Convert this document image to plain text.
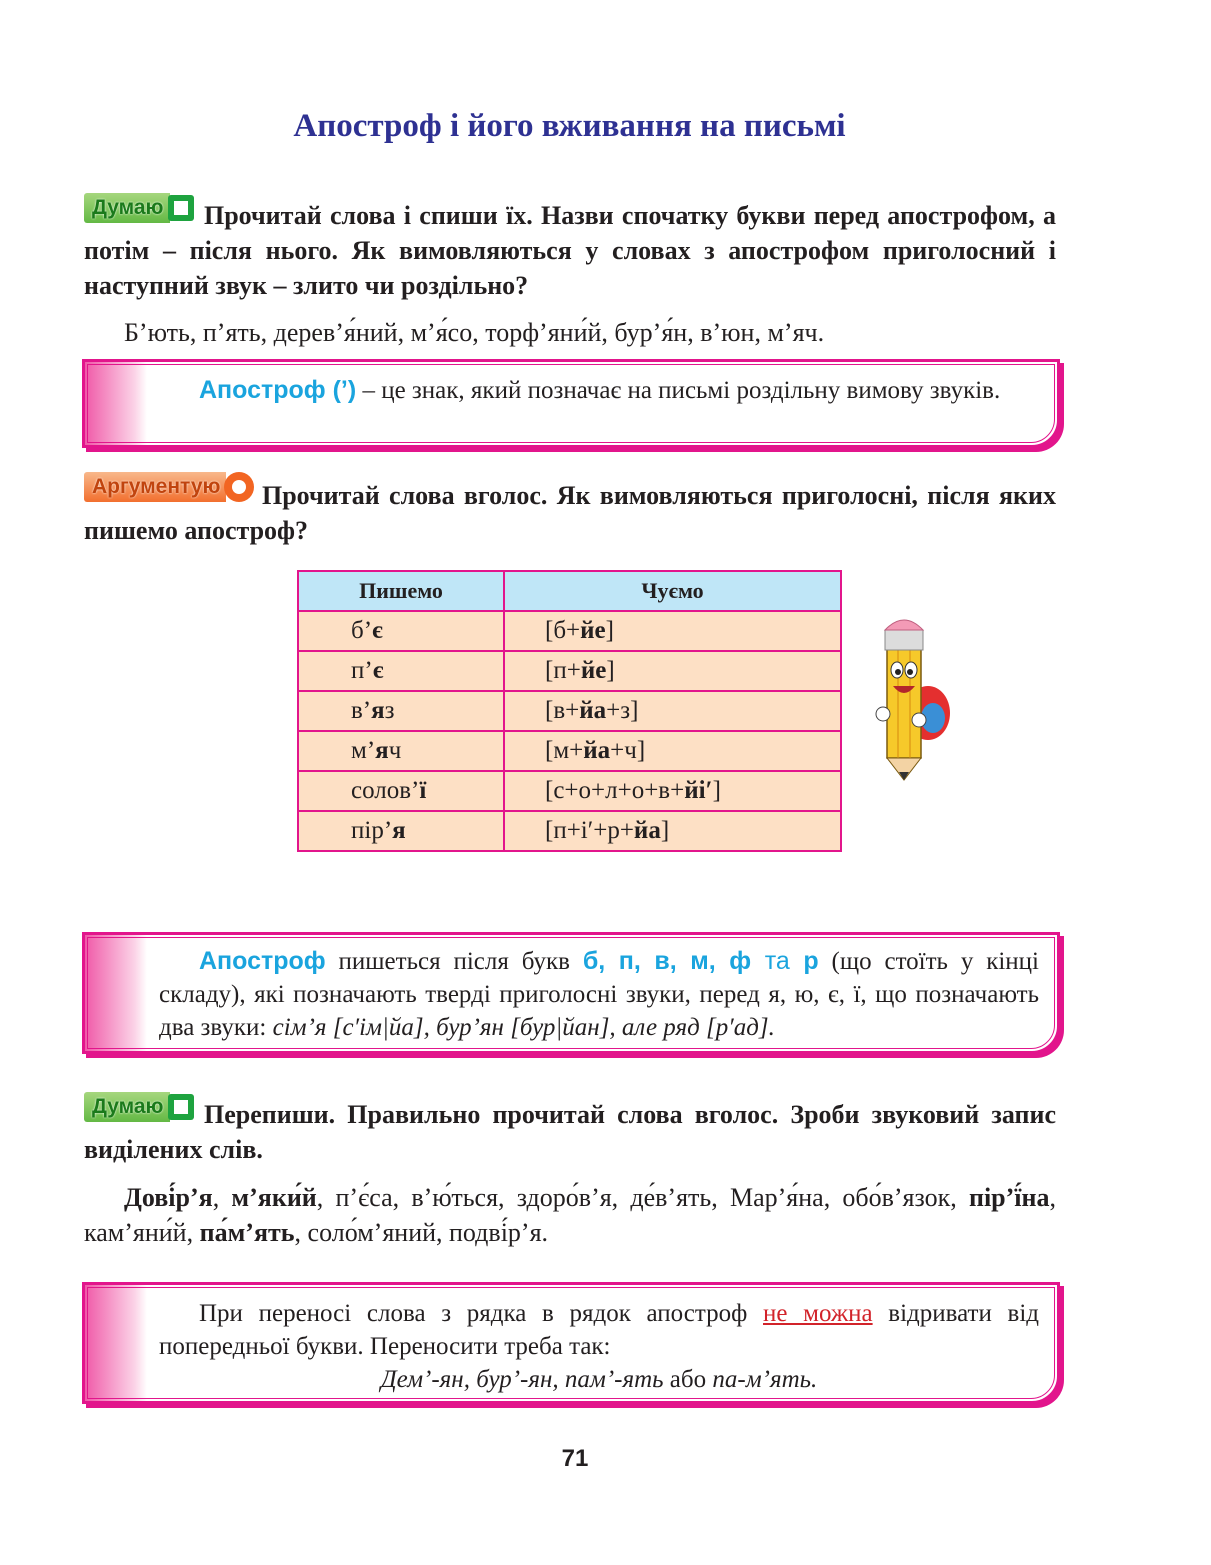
Апостроф і його вживання на письмі
Думаю	Прочитай слова і спиши їх. Назви спочатку букви перед апострофом, а потім – після нього. Як вимовляються у словах з апострофом приголосний і наступний звук – злито чи роздільно?
Б’ють, п’ять, дерев’я́ний, м’я́со, торф’яни́й, бур’я́н, в’юн, м’яч.
Апостроф (’) – це знак, який позначає на письмі роздільну вимову звуків.
Аргументую	Прочитай слова вголос. Як вимовляються приголосні, після яких пишемо апостроф?
Пишемо	Чуємо
б’є	[б+йе]
п’є	[п+йе]
в’яз	[в+йа+з]
м’яч	[м+йа+ч]
солов’ї	[с+о+л+о+в+йі′]
пір’я	[п+і′+р+йа]
Апостроф пишеться після букв б, п, в, м, ф та р (що стоїть у кінці складу), які позначають тверді приголосні звуки, перед я, ю, є, ї, що позначають два звуки: сім’я [с′ім|йа], бур’ян [бур|йан], але ряд [р′ад].
Думаю	Перепиши. Правильно прочитай слова вголос. Зроби звуковий запис виділених слів.
Дові́р’я, м’яки́й, п’є́са, в’ю́ться, здоро́в’я, де́в’ять, Мар’я́на, обо́в’язок, пір’ї́на, кам’яни́й, па́м’ять, соло́м’яний, подві́р’я.
При переносі слова з рядка в рядок апостроф не можна відривати від попередньої букви. Переносити треба так:
Дем’-ян, бур’-ян, пам’-ять або па-м’ять.
71
